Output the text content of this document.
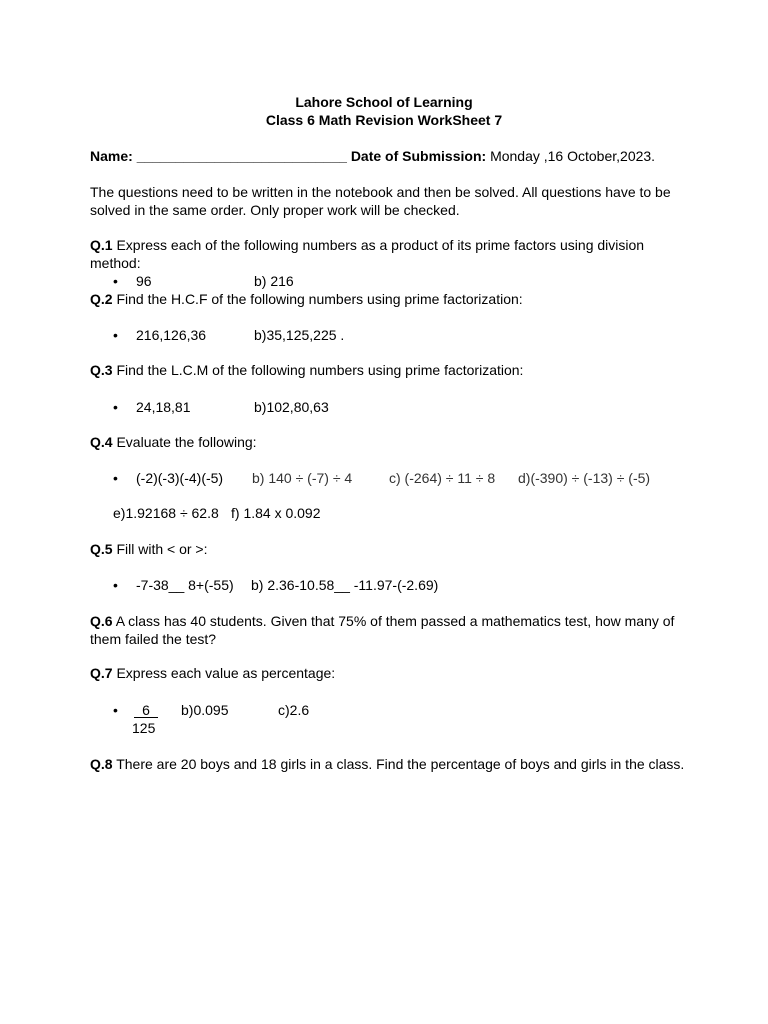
Lahore School of Learning
Class 6 Math Revision WorkSheet 7
Name: ___________________________ Date of Submission: Monday ,16 October,2023.
The questions need to be written in the notebook and then be solved. All questions have to be solved in the same order. Only proper work will be checked.
Q.1 Express each of the following numbers as a product of its prime factors using division method:
• 96	b) 216
Q.2 Find the H.C.F of the following numbers using prime factorization:
• 216,126,36	b)35,125,225 .
Q.3 Find the L.C.M of the following numbers using prime factorization:
• 24,18,81	b)102,80,63
Q.4 Evaluate the following:
• (-2)(-3)(-4)(-5) b) 140 ÷ (-7) ÷ 4	c) (-264) ÷ 11 ÷ 8 d)(-390) ÷ (-13) ÷ (-5)
e)1.92168 ÷ 62.8 f) 1.84 x 0.092
Q.5 Fill with < or >:
• -7-38__ 8+(-55) b) 2.36-10.58__ -11.97-(-2.69)
Q.6 A class has 40 students. Given that 75% of them passed a mathematics test, how many of them failed the test?
Q.7 Express each value as percentage:
•	6
125
b)0.095	c)2.6
Q.8 There are 20 boys and 18 girls in a class. Find the percentage of boys and girls in the class.
